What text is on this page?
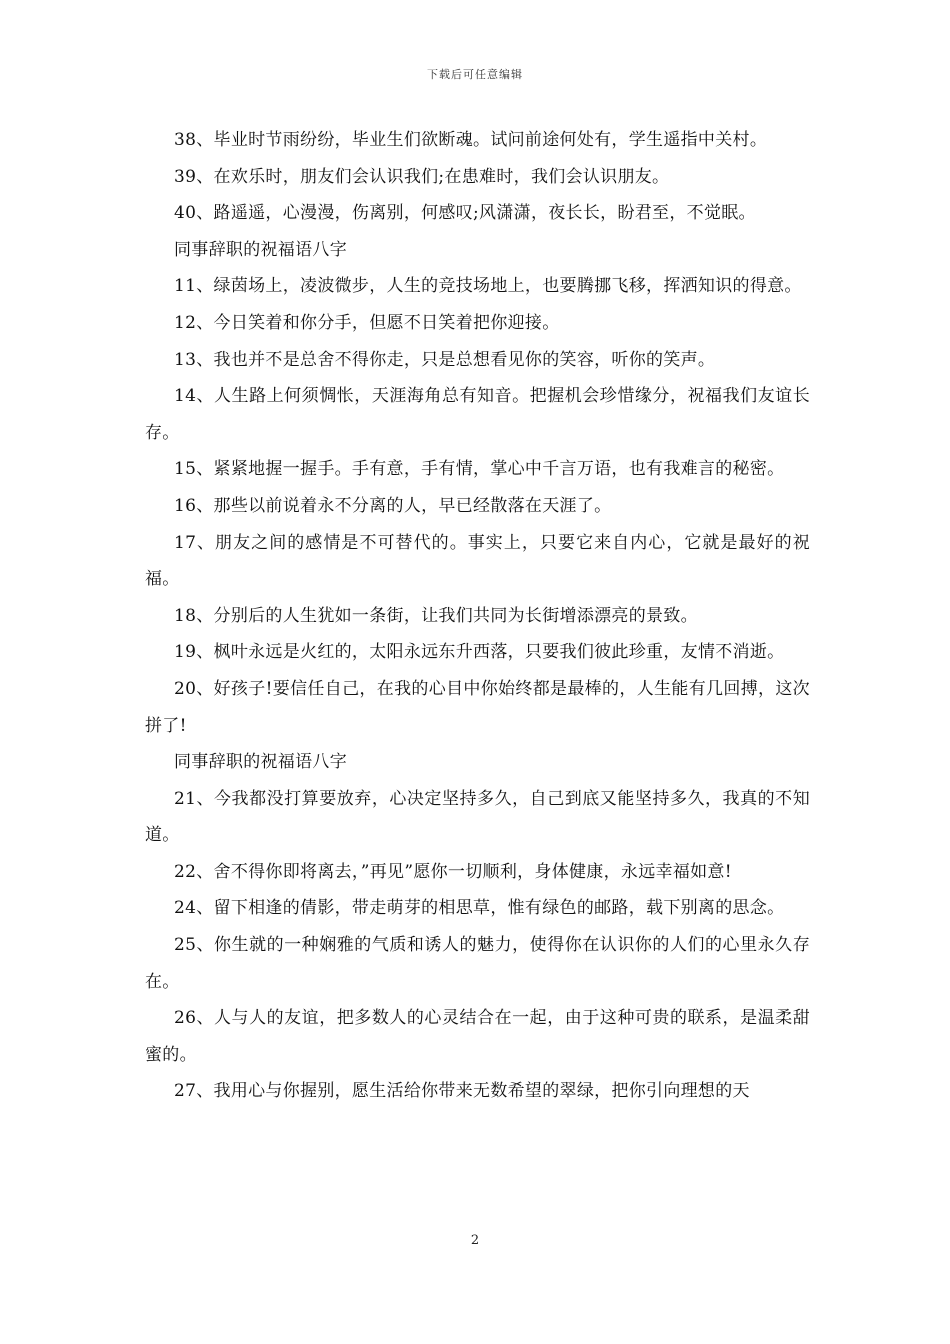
下载后可任意编辑

38、毕业时节雨纷纷，毕业生们欲断魂。试问前途何处有，学生遥指中关村。

39、在欢乐时，朋友们会认识我们;在患难时，我们会认识朋友。

40、路遥遥，心漫漫，伤离别，何感叹;风潇潇，夜长长，盼君至，不觉眠。

同事辞职的祝福语八字

11、绿茵场上，凌波微步，人生的竞技场地上，也要腾挪飞移，挥洒知识的得意。

12、今日笑着和你分手，但愿不日笑着把你迎接。

13、我也并不是总舍不得你走，只是总想看见你的笑容，听你的笑声。

14、人生路上何须惆怅，天涯海角总有知音。把握机会珍惜缘分，祝福我们友谊长存。

15、紧紧地握一握手。手有意，手有情，掌心中千言万语，也有我难言的秘密。

16、那些以前说着永不分离的人，早已经散落在天涯了。

17、朋友之间的感情是不可替代的。事实上，只要它来自内心，它就是最好的祝福。

18、分别后的人生犹如一条街，让我们共同为长街增添漂亮的景致。

19、枫叶永远是火红的，太阳永远东升西落，只要我们彼此珍重，友情不消逝。

20、好孩子!要信任自己，在我的心目中你始终都是最棒的，人生能有几回搏，这次拼了!

同事辞职的祝福语八字

21、今我都没打算要放弃，心决定坚持多久，自己到底又能坚持多久，我真的不知道。

22、舍不得你即将离去，”再见”愿你一切顺利，身体健康，永远幸福如意!

24、留下相逢的倩影，带走萌芽的相思草，惟有绿色的邮路，载下别离的思念。

25、你生就的一种娴雅的气质和诱人的魅力，使得你在认识你的人们的心里永久存在。

26、人与人的友谊，把多数人的心灵结合在一起，由于这种可贵的联系，是温柔甜蜜的。

27、我用心与你握别，愿生活给你带来无数希望的翠绿，把你引向理想的天

2
